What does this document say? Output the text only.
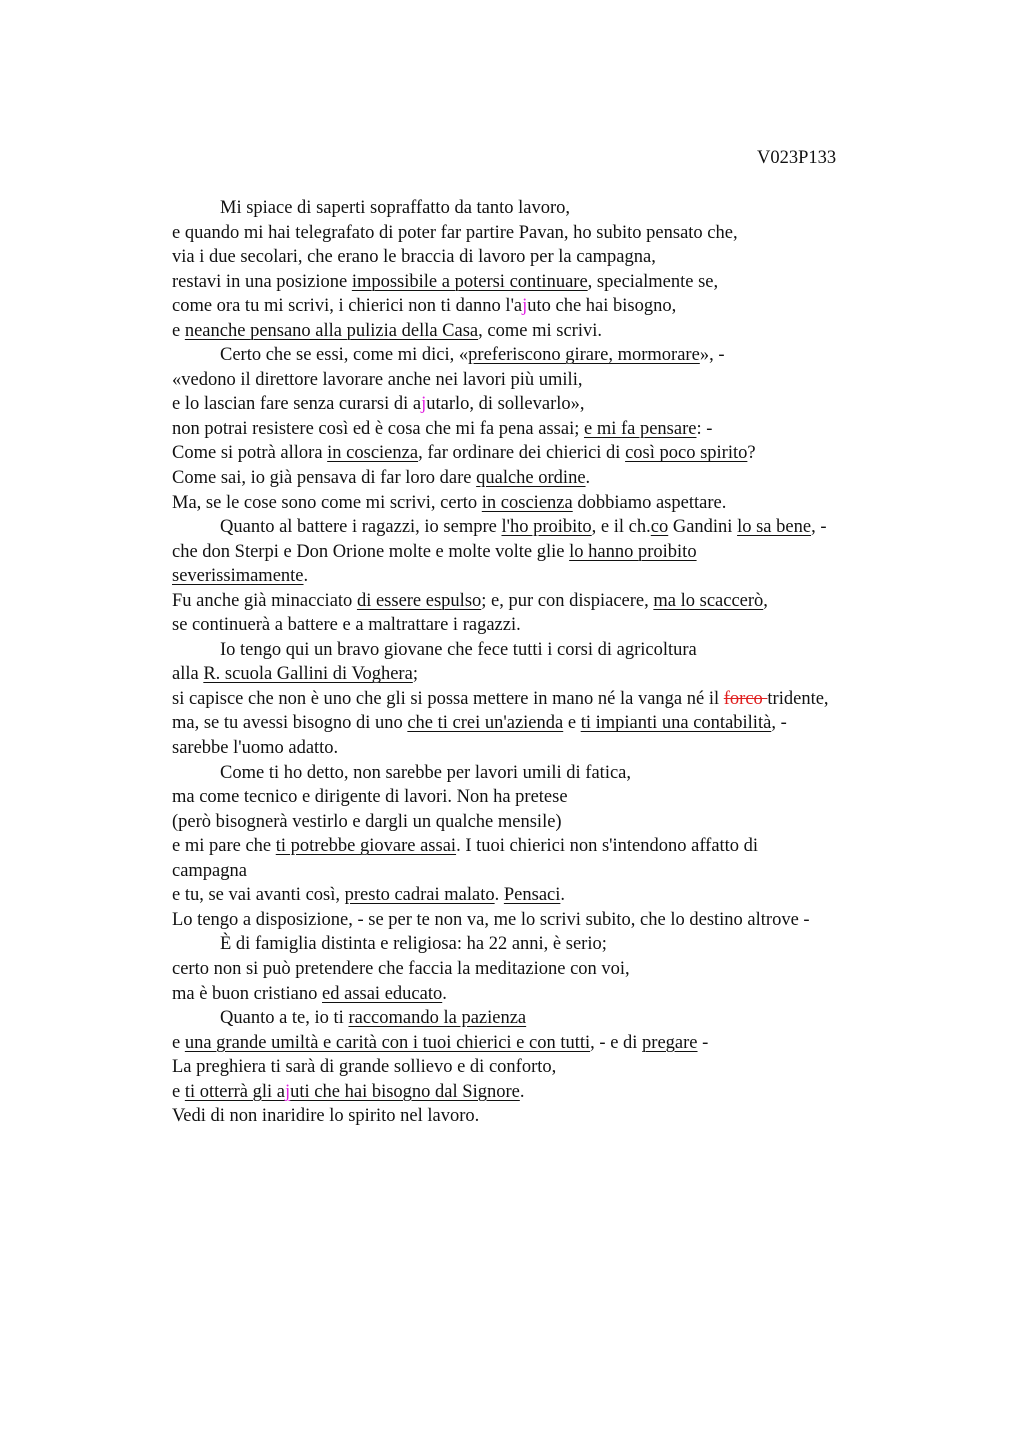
V023P133
Mi spiace di saperti sopraffatto da tanto lavoro,
e quando mi hai telegrafato di poter far partire Pavan, ho subito pensato che,
via i due secolari, che erano le braccia di lavoro per la campagna,
restavi in una posizione impossibile a potersi continuare, specialmente se,
come ora tu mi scrivi, i chierici non ti danno l'ajuto che hai bisogno,
e neanche pensano alla pulizia della Casa, come mi scrivi.
Certo che se essi, come mi dici, «preferiscono girare, mormorare», -
«vedono il direttore lavorare anche nei lavori più umili,
e lo lascian fare senza curarsi di ajutarlo, di sollevarlo»,
non potrai resistere così ed è cosa che mi fa pena assai; e mi fa pensare: -
Come si potrà allora in coscienza, far ordinare dei chierici di così poco spirito?
Come sai, io già pensava di far loro dare qualche ordine.
Ma, se le cose sono come mi scrivi, certo in coscienza dobbiamo aspettare.
Quanto al battere i ragazzi, io sempre l'ho proibito, e il ch.co Gandini lo sa bene, -
che don Sterpi e Don Orione molte e molte volte glie lo hanno proibito
severissimamente.
Fu anche già minacciato di essere espulso; e, pur con dispiacere, ma lo scaccerò,
se continuerà a battere e a maltrattare i ragazzi.
Io tengo qui un bravo giovane che fece tutti i corsi di agricoltura
alla R. scuola Gallini di Voghera;
si capisce che non è uno che gli si possa mettere in mano né la vanga né il forco tridente,
ma, se tu avessi bisogno di uno che ti crei un'azienda e ti impianti una contabilità, -
sarebbe l'uomo adatto.
Come ti ho detto, non sarebbe per lavori umili di fatica,
ma come tecnico e dirigente di lavori. Non ha pretese
(però bisognerà vestirlo e dargli un qualche mensile)
e mi pare che ti potrebbe giovare assai. I tuoi chierici non s'intendono affatto di
campagna
e tu, se vai avanti così, presto cadrai malato. Pensaci.
Lo tengo a disposizione, - se per te non va, me lo scrivi subito, che lo destino altrove -
È di famiglia distinta e religiosa: ha 22 anni, è serio;
certo non si può pretendere che faccia la meditazione con voi,
ma è buon cristiano ed assai educato.
Quanto a te, io ti raccomando la pazienza
e una grande umiltà e carità con i tuoi chierici e con tutti, - e di pregare -
La preghiera ti sarà di grande sollievo e di conforto,
e ti otterrà gli ajuti che hai bisogno dal Signore.
Vedi di non inaridire lo spirito nel lavoro.
